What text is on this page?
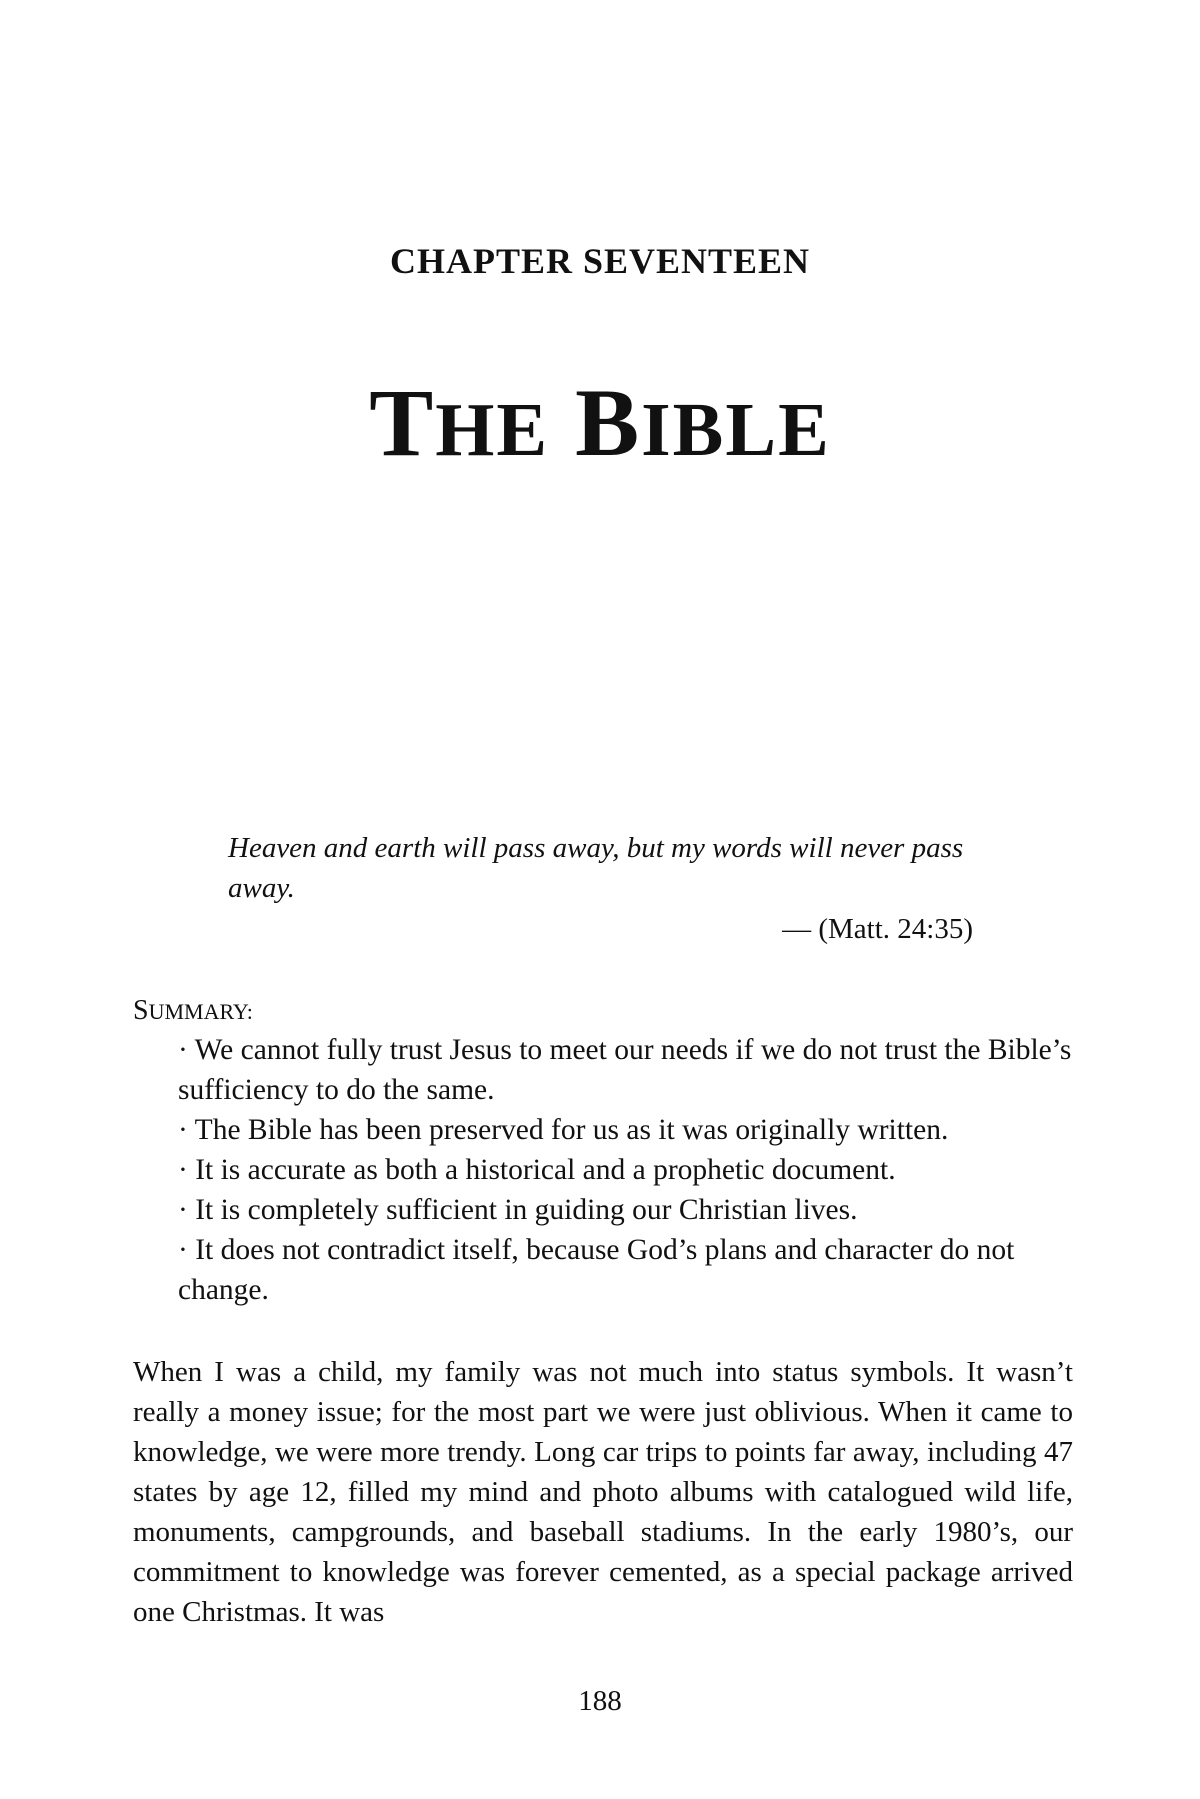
CHAPTER SEVENTEEN
THE BIBLE
Heaven and earth will pass away, but my words will never pass away.
— (Matt. 24:35)
SUMMARY:
· We cannot fully trust Jesus to meet our needs if we do not trust the Bible’s sufficiency to do the same.
· The Bible has been preserved for us as it was originally written.
· It is accurate as both a historical and a prophetic document.
· It is completely sufficient in guiding our Christian lives.
· It does not contradict itself, because God’s plans and character do not change.

When I was a child, my family was not much into status symbols. It wasn’t really a money issue; for the most part we were just oblivious. When it came to knowledge, we were more trendy. Long car trips to points far away, including 47 states by age 12, filled my mind and photo albums with catalogued wild life, monuments, campgrounds, and baseball stadiums. In the early 1980’s, our commitment to knowledge was forever cemented, as a special package arrived one Christmas. It was

188
